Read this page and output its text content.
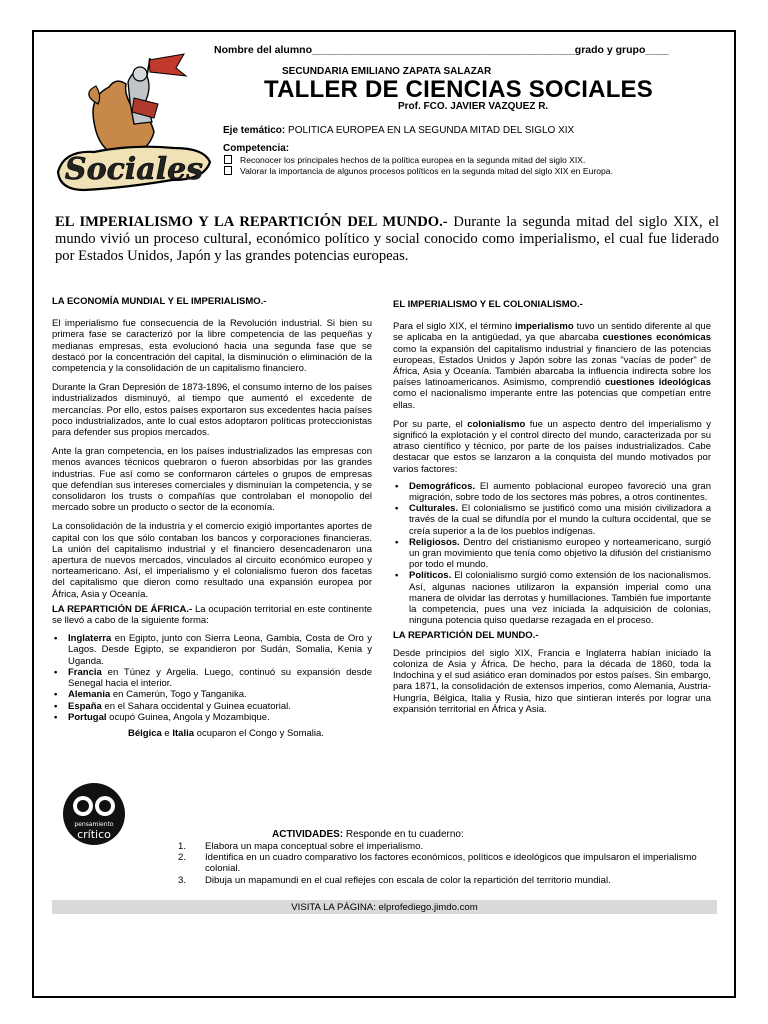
Nombre del alumno_____________________________________________grado y grupo____
Sociales
SECUNDARIA EMILIANO ZAPATA SALAZAR
TALLER DE CIENCIAS SOCIALES
Prof. FCO. JAVIER VAZQUEZ R.
Eje temático: POLITICA EUROPEA EN LA SEGUNDA MITAD DEL SIGLO XIX
Competencia:
Reconocer los principales hechos de la política europea en la segunda mitad del siglo XIX.
Valorar la importancia de algunos procesos políticos en la segunda mitad del siglo XIX en Europa.
EL IMPERIALISMO Y LA REPARTICIÓN DEL MUNDO.- Durante la segunda mitad del siglo XIX, el mundo vivió un proceso cultural, económico político y social conocido como imperialismo, el cual fue liderado por Estados Unidos, Japón y las grandes potencias europeas.
LA ECONOMÍA MUNDIAL Y EL IMPERIALISMO.-

El imperialismo fue consecuencia de la Revolución industrial. Si bien su primera fase se caracterizó por la libre competencia de las pequeñas y medianas empresas, esta evolucionó hacia una segunda fase que se destacó por la concentración del capital, la disminución o eliminación de la competencia y la consolidación de un capitalismo financiero.

Durante la Gran Depresión de 1873-1896, el consumo interno de los países industrializados disminuyó, al tiempo que aumentó el excedente de mercancías. Por ello, estos países exportaron sus excedentes hacia países poco industrializados, ante lo cual estos adoptaron políticas proteccionistas para defender sus propios mercados.

Ante la gran competencia, en los países industrializados las empresas con menos avances técnicos quebraron o fueron absorbidas por las grandes industrias. Fue así como se conformaron cárteles o grupos de empresas que defendían sus intereses comerciales y disminuían la competencia, y se consolidaron los trusts o compañías que controlaban el monopolio del mercado sobre un producto o sector de la economía.

La consolidación de la industria y el comercio exigió importantes aportes de capital con los que sólo contaban los bancos y corporaciones financieras. La unión del capitalismo industrial y el financiero desencadenaron una apertura de nuevos mercados, vinculados al circuito económico europeo y norteamericano. Así, el imperialismo y el colonialismo fueron dos facetas del capitalismo que dieron como resultado una expansión europea por África, Asia y Oceanía.

LA REPARTICIÓN DE ÁFRICA.- La ocupación territorial en este continente se llevó a cabo de la siguiente forma:

• Inglaterra en Egipto, junto con Sierra Leona, Gambia, Costa de Oro y Lagos. Desde Egipto, se expandieron por Sudán, Somalia, Kenia y Uganda.
• Francia en Túnez y Argelia. Luego, continuó su expansión desde Senegal hacia el interior.
• Alemania en Camerún, Togo y Tanganika.
• España en el Sahara occidental y Guinea ecuatorial.
• Portugal ocupó Guinea, Angola y Mozambique.
Bélgica e Italia ocuparon el Congo y Somalia.
EL IMPERIALISMO Y EL COLONIALISMO.-

Para el siglo XIX, el término imperialismo tuvo un sentido diferente al que se aplicaba en la antigüedad, ya que abarcaba cuestiones económicas como la expansión del capitalismo industrial y financiero de las potencias europeas, Estados Unidos y Japón sobre las zonas "vacías de poder" de África, Asia y Oceanía. También abarcaba la influencia indirecta sobre los países latinoamericanos. Asimismo, comprendió cuestiones ideológicas como el nacionalismo imperante entre las potencias que competían entre ellas.

Por su parte, el colonialismo fue un aspecto dentro del imperialismo y significó la explotación y el control directo del mundo, caracterizada por su atraso científico y técnico, por parte de los países industrializados. Cabe destacar que estos se lanzaron a la conquista del mundo motivados por varios factores:

• Demográficos. El aumento poblacional europeo favoreció una gran migración, sobre todo de los sectores más pobres, a otros continentes.
• Culturales. El colonialismo se justificó como una misión civilizadora a través de la cual se difundía por el mundo la cultura occidental, que se creía superior a la de los pueblos indígenas.
• Religiosos. Dentro del cristianismo europeo y norteamericano, surgió un gran movimiento que tenía como objetivo la difusión del cristianismo por todo el mundo.
• Políticos. El colonialismo surgió como extensión de los nacionalismos. Así, algunas naciones utilizaron la expansión imperial como una manera de olvidar las derrotas y humillaciones. También fue importante la competencia, pues una vez iniciada la adquisición de colonias, ninguna potencia quiso quedarse rezagada en el proceso.
LA REPARTICIÓN DEL MUNDO.-

Desde principios del siglo XIX, Francia e Inglaterra habían iniciado la coloniza de Asia y África. De hecho, para la década de 1860, toda la Indochina y el sud asiático eran dominados por estos países. Sin embargo, para 1871, la consolidación de extensos imperios, como Alemania, Austria-Hungría, Bélgica, Italia y Rusia, hizo que sintieran interés por lograr una expansión territorial en África y Asia.

pensamiento
crítico	ACTIVIDADES: Responde en tu cuaderno:
1. Elabora un mapa conceptual sobre el imperialismo.
2. Identifica en un cuadro comparativo los factores económicos, políticos e ideológicos que impulsaron el imperialismo colonial.
3. Dibuja un mapamundi en el cual reflejes con escala de color la repartición del territorio mundial.
VISITA LA PÁGINA: elprofediego.jimdo.com
